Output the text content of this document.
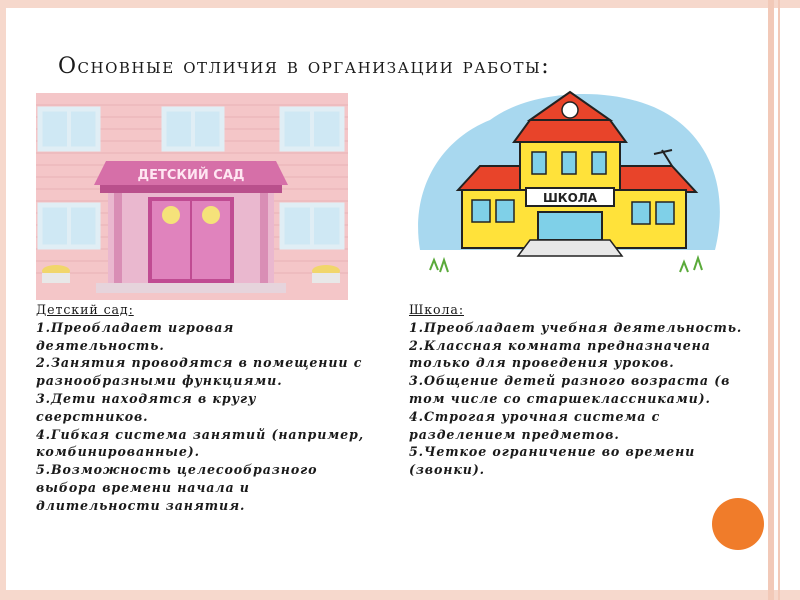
Основные отличия в организации работы:
ДЕТСКИЙ САД
ШКОЛА
Детский сад:

1.Преобладает игровая деятельность.

2.Занятия проводятся в помещении с разнообразными функциями.

3.Дети находятся в кругу сверстников.

4.Гибкая система занятий (например, комбинированные).

5.Возможность целесообразного выбора времени начала и длительности занятия.

Школа:

1.Преобладает учебная деятельность.

2.Классная комната предназначена только для проведения уроков.

3.Общение детей разного возраста (в том числе со старшеклассниками).

4.Строгая урочная система с разделением предметов.

5.Четкое ограничение во времени (звонки).
